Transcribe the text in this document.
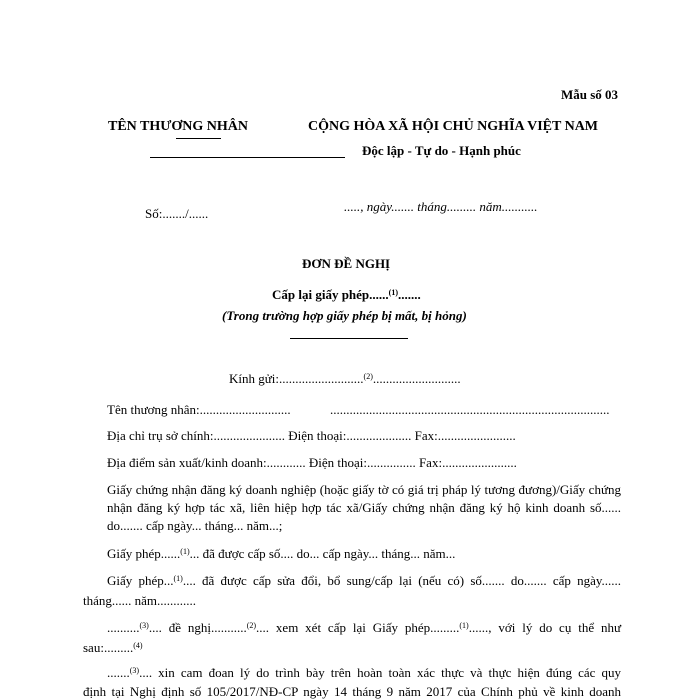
Mẫu số 03
TÊN THƯƠNG NHÂN	CỘNG HÒA XÃ HỘI CHỦ NGHĨA VIỆT NAM
Độc lập - Tự do - Hạnh phúc
Số:......./......	....., ngày....... tháng......... năm...........
ĐƠN ĐỀ NGHỊ
Cấp lại giấy phép......$^{(1)}$.......
(Trong trường hợp giấy phép bị mất, bị hỏng)
Kính gửi:..........................$^{(2)}$...........................
Tên thương nhân:............................	......................................................................................
Địa chỉ trụ sở chính:...................... Điện thoại:.................... Fax:........................
Địa điểm sản xuất/kinh doanh:............ Điện thoại:............... Fax:.......................
Giấy chứng nhận đăng ký doanh nghiệp (hoặc giấy tờ có giá trị pháp lý tương đương)/Giấy chứng nhận đăng ký hợp tác xã, liên hiệp hợp tác xã/Giấy chứng nhận đăng ký hộ kinh doanh số...... do....... cấp ngày... tháng... năm...;
Giấy phép......$^{(1)}$... đã được cấp số.... do... cấp ngày... tháng... năm...
Giấy phép...$^{(1)}$.... đã được cấp sửa đổi, bổ sung/cấp lại (nếu có) số....... do....... cấp ngày......
tháng...... năm............
..........$^{(3)}$.... đề nghị...........$^{(2)}$.... xem xét cấp lại Giấy phép.........$^{(1)}$......, với lý do cụ thể như
sau:.........$^{(4)}$
.......$^{(3)}$.... xin cam đoan lý do trình bày trên hoàn toàn xác thực và thực hiện đúng các quy
định tại Nghị định số 105/2017/NĐ-CP ngày 14 tháng 9 năm 2017 của Chính phủ về kinh doanh
